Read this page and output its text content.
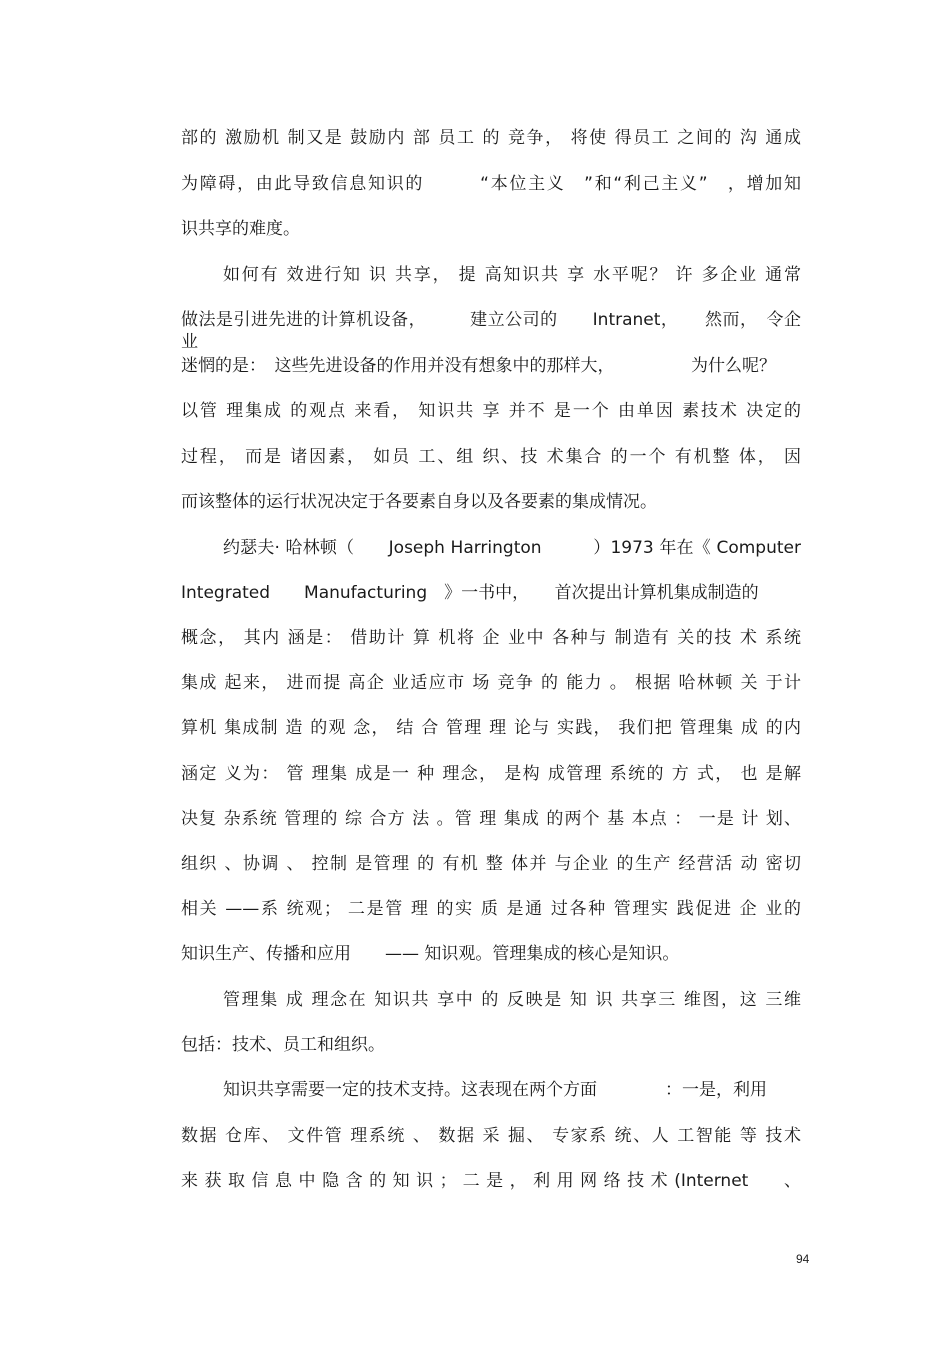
部的 激励机 制又是 鼓励内 部 员工 的 竞争， 将使 得员工 之间的 沟 通成
为障碍，由此导致信息知识的　　　“本位主义　”和“利己主义”　，增加知
识共享的难度。
如何有 效进行知 识 共享， 提 高知识共 享 水平呢？ 许 多企业 通常
做法是引进先进的计算机设备，　　　建立公司的　　Intranet，　　然而，　令企业
迷惘的是：　这些先进设备的作用并没有想象中的那样大，　　　　　为什么呢？
以管 理集成 的观点 来看， 知识共 享 并不 是一个 由单因 素技术 决定的
过程， 而是 诸因素， 如员 工、组 织、技 术集合 的一个 有机整 体， 因
而该整体的运行状况决定于各要素自身以及各要素的集成情况。
约瑟夫· 哈林顿（　　Joseph Harrington　　　）1973 年在《 Computer
Integrated　　Manufacturing　》一书中，　　首次提出计算机集成制造的
概念， 其内 涵是： 借助计 算 机将 企 业中 各种与 制造有 关的技 术 系统
集成 起来， 进而提 高企 业适应市 场 竞争 的 能力 。 根据 哈林顿 关 于计
算机 集成制 造 的观 念， 结 合 管理 理 论与 实践， 我们把 管理集 成 的内
涵定 义为： 管 理集 成是一 种 理念， 是构 成管理 系统的 方 式， 也 是解
决复 杂系统 管理的 综 合方 法 。管 理 集成 的两个 基 本点 ： 一是 计 划、
组织 、协调 、 控制 是管理 的 有机 整 体并 与企业 的生产 经营活 动 密切
相关 ——系 统观； 二是管 理 的实 质 是通 过各种 管理实 践促进 企 业的
知识生产、传播和应用　　—— 知识观。管理集成的核心是知识。
管理集 成 理念在 知识共 享中 的 反映是 知 识 共享三 维图，这 三维
包括：技术、员工和组织。
知识共享需要一定的技术支持。这表现在两个方面　　　　：一是，利用
数据 仓库、 文件管 理系统 、 数据 采 掘、 专家系 统、人 工智能 等 技术
来 获 取 信 息 中 隐 含 的 知 识 ； 二 是 ， 利 用 网 络 技 术 (Internet　　、
94
